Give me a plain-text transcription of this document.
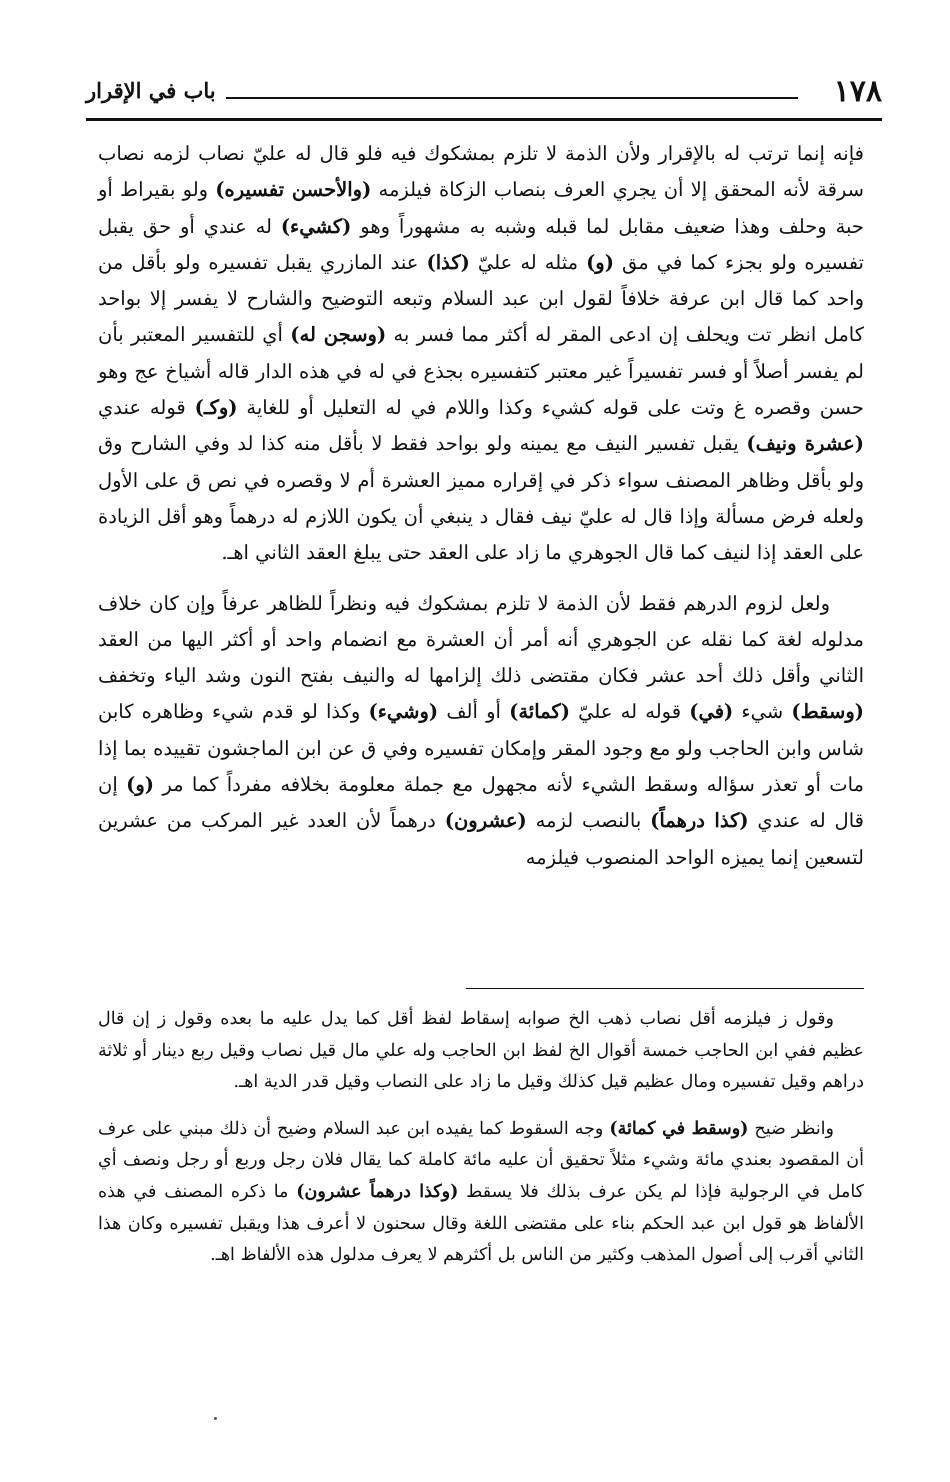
١٧٨
باب في الإقرار

فإنه إنما ترتب له بالإقرار ولأن الذمة لا تلزم بمشكوك فيه فلو قال له عليّ نصاب لزمه نصاب سرقة لأنه المحقق إلا أن يجري العرف بنصاب الزكاة فيلزمه (والأحسن تفسيره) ولو بقيراط أو حبة وحلف وهذا ضعيف مقابل لما قبله وشبه به مشهوراً وهو (كشيء) له عندي أو حق يقبل تفسيره ولو بجزء كما في مق (و) مثله له عليّ (كذا) عند المازري يقبل تفسيره ولو بأقل من واحد كما قال ابن عرفة خلافاً لقول ابن عبد السلام وتبعه التوضيح والشارح لا يفسر إلا بواحد كامل انظر تت ويحلف إن ادعى المقر له أكثر مما فسر به (وسجن له) أي للتفسير المعتبر بأن لم يفسر أصلاً أو فسر تفسيراً غير معتبر كتفسيره بجذع في له في هذه الدار قاله أشياخ عج وهو حسن وقصره غ وتت على قوله كشيء وكذا واللام في له التعليل أو للغاية (وكـ) قوله عندي (عشرة ونيف) يقبل تفسير النيف مع يمينه ولو بواحد فقط لا بأقل منه كذا لد وفي الشارح وق ولو بأقل وظاهر المصنف سواء ذكر في إقراره مميز العشرة أم لا وقصره في نص ق على الأول ولعله فرض مسألة وإذا قال له عليّ نيف فقال د ينبغي أن يكون اللازم له درهماً وهو أقل الزيادة على العقد إذا لنيف كما قال الجوهري ما زاد على العقد حتى يبلغ العقد الثاني اهـ.

ولعل لزوم الدرهم فقط لأن الذمة لا تلزم بمشكوك فيه ونظراً للظاهر عرفاً وإن كان خلاف مدلوله لغة كما نقله عن الجوهري أنه أمر أن العشرة مع انضمام واحد أو أكثر اليها من العقد الثاني وأقل ذلك أحد عشر فكان مقتضى ذلك إلزامها له والنيف بفتح النون وشد الياء وتخفف (وسقط) شيء (في) قوله له عليّ (كمائة) أو ألف (وشيء) وكذا لو قدم شيء وظاهره كابن شاس وابن الحاجب ولو مع وجود المقر وإمكان تفسيره وفي ق عن ابن الماجشون تقييده بما إذا مات أو تعذر سؤاله وسقط الشيء لأنه مجهول مع جملة معلومة بخلافه مفرداً كما مر (و) إن قال له عندي (كذا درهماً) بالنصب لزمه (عشرون) درهماً لأن العدد غير المركب من عشرين لتسعين إنما يميزه الواحد المنصوب فيلزمه

وقول ز فيلزمه أقل نصاب ذهب الخ صوابه إسقاط لفظ أقل كما يدل عليه ما بعده وقول ز إن قال عظيم ففي ابن الحاجب خمسة أقوال الخ لفظ ابن الحاجب وله علي مال قيل نصاب وقيل ربع دينار أو ثلاثة دراهم وقيل تفسيره ومال عظيم قيل كذلك وقيل ما زاد على النصاب وقيل قدر الدية اهـ.

وانظر ضيح (وسقط في كمائة) وجه السقوط كما يفيده ابن عبد السلام وضيح أن ذلك مبني على عرف أن المقصود بعندي مائة وشيء مثلاً تحقيق أن عليه مائة كاملة كما يقال فلان رجل وربع أو رجل ونصف أي كامل في الرجولية فإذا لم يكن عرف بذلك فلا يسقط (وكذا درهماً عشرون) ما ذكره المصنف في هذه الألفاظ هو قول ابن عبد الحكم بناء على مقتضى اللغة وقال سحنون لا أعرف هذا ويقبل تفسيره وكان هذا الثاني أقرب إلى أصول المذهب وكثير من الناس بل أكثرهم لا يعرف مدلول هذه الألفاظ اهـ.
